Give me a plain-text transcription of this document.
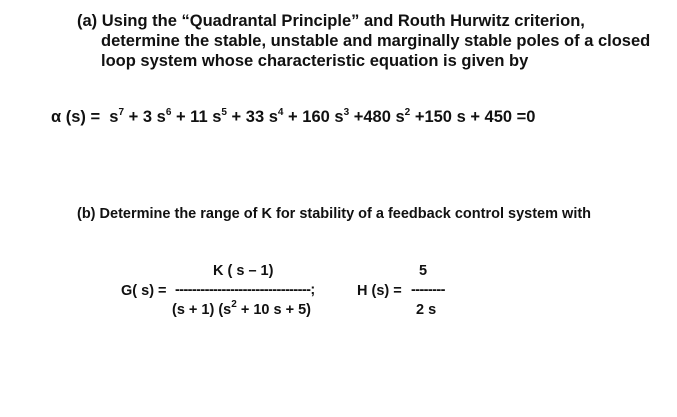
(a) Using the “Quadrantal Principle” and Routh Hurwitz criterion,
determine the stable, unstable and marginally stable poles of a closed
loop system whose characteristic equation is given by
α $(s) = s^7 + 3$ $s^6 + 11$ $s^5 + 33$ $s^4 + 160$ $s^3 +480$ $s^2 +150$ s + 450 =0
(b) Determine the range of K for stability of a feedback control system with
K ( s – 1)
G( s) = --------------------------------;
(s + 1) ($s^2 + 10$ s + 5)
5
H (s) = --------
2 s
